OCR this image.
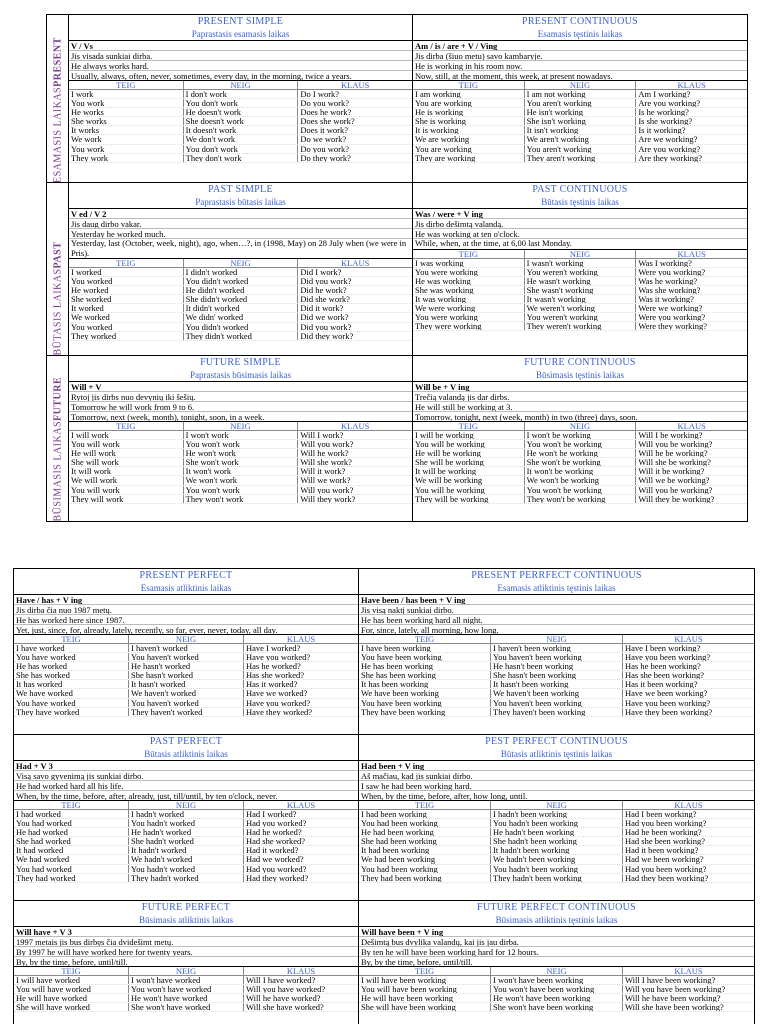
ESAMASIS LAIKASPRESENT
BŪTASIS LAIKASPAST
BŪSIMASIS LAIKASFUTURE
PRESENT SIMPLE
Paprastasis esamasis laikas
V / Vs
Jis visada sunkiai dirba.
He always works hard.
Usually, always, often, never, sometimes, every day, in the morning, twice a years.
TEIG	NEIG	KLAUS
I work	I don't work	Do I work?
You work	You don't work	Do you work?
He works	He doesn't work	Does he work?
She works	She doesn't work	Does she work?
It works	It doesn't work	Does it work?
We work	We don't work	Do we work?
You work	You don't work	Do you work?
They work	They don't work	Do they work?
PRESENT CONTINUOUS
Esamasis tęstinis laikas
Am / is / are + V / Ving
Jis dirba (šiuo metu) savo kambaryje.
He is working in his room now.
Now, still, at the moment, this week, at present nowadays.
TEIG	NEIG	KLAUS
I am working	I am not working	Am I working?
You are working	You aren't working	Are you working?
He is working	He isn't working	Is he working?
She is working	She isn't working	Is she working?
It is working	It isn't working	Is it working?
We are working	We aren't working	Are we working?
You are working	You aren't working	Are you working?
They are working	They aren't working	Are they working?
PAST SIMPLE
Paprastasis būtasis laikas
V ed / V 2
Jis daug dirbo vakar.
Yesterday he worked much.
Yesterday, last (October, week, night), ago, when…?, in (1998, May) on 28 July when (we were in Pris).
TEIG	NEIG	KLAUS
I worked	I didn't worked	Did I work?
You worked	You didn't worked	Did you work?
He worked	He didn't worked	Did he work?
She worked	She didn't worked	Did she work?
It worked	It didn't worked	Did it work?
We worked	We didn' worked	Did we work?
You worked	You didn't worked	Did you work?
They worked	They didn't worked	Did they work?
PAST CONTINUOUS
Būtasis tęstinis laikas
Was / were + V ing
Jis dirbo dešimtą valandą.
He was working at ten o'clock.
While, when, at the time, at 6,00 last Monday.
TEIG	NEIG	KLAUS
I was working	I wasn't working	Was I working?
You were working	You weren't working	Were you working?
He was working	He wasn't working	Was he working?
She was working	She wasn't working	Was she working?
It was working	It wasn't working	Was it working?
We were working	We weren't working	Were we working?
You were working	You weren't working	Were you working?
They were working	They weren't working	Were they working?
FUTURE SIMPLE
Paprastasis būsimasis laikas
Will + V
Rytoj jis dirbs nuo devynių iki šešių.
Tomorrow he will work from 9 to 6.
Tomorrow, next (week, month), tonight, soon, in a week.
TEIG	NEIG	KLAUS
I will work	I won't work	Will I work?
You will work	You won't work	Will you work?
He will work	He won't work	Will he work?
She will work	She won't work	Will she work?
It will work	It won't work	Will it work?
We will work	We won't work	Will we work?
You will work	You won't work	Will you work?
They will work	They won't work	Will they work?
FUTURE CONTINUOUS
Būsimasis tęstinis laikas
Will be + V ing
Trečią valandą jis dar dirbs.
He will still be working at 3.
Tomorrow, tonight, next (week, month) in two (three) days, soon.
TEIG	NEIG	KLAUS
I will be working	I won't be working	Will I be working?
You will be working	You won't be working	Will you be working?
He will be working	He won't be working	Will he be working?
She will be working	She won't be working	Will she be working?
It will be working	It won't be working	Will it be working?
We will be working	We won't be working	Will we be working?
You will be working	You won't be working	Will you be working?
They will be working	They won't be working	Will they be working?
PRESENT PERFECT
Esamasis atliktinis laikas
Have / has + V ing
Jis dirba čia nuo 1987 metų.
He has worked here since 1987.
Yet, just, since, for, already, lately, recently, so far, ever, never, today, all day.
TEIG	NEIG	KLAUS
I have worked	I haven't worked	Have I worked?
You have worked	You haven't worked	Have you worked?
He has worked	He hasn't worked	Has he worked?
She has worked	She hasn't worked	Has she worked?
It has worked	It hasn't worked	Has it worked?
We have worked	We haven't worked	Have we worked?
You have worked	You haven't worked	Have you worked?
They have worked	They haven't worked	Have they worked?
PRESENT PERRFECT CONTINUOUS
Esamasis atliktinis tęstinis laikas
Have been / has been + V ing
Jis visą naktį sunkiai dirbo.
He has been working hard all night.
For, since, lately, all morning, how long.
TEIG	NEIG	KLAUS
I have been working	I haven't been working	Have I been working?
You have been working	You haven't been working	Have you been working?
He has been working	He hasn't been working	Has he been working?
She has been working	She hasn't been working	Has she been working?
It has been working	It hasn't been working	Has it been working?
We have been working	We haven't been working	Have we been working?
You have been working	You haven't been working	Have you been working?
They have been working	They haven't been working	Have they been working?
PAST PERFECT
Būtasis atliktinis laikas
Had + V 3
Visą savo gyvenimą jis sunkiai dirbo.
He had worked hard all his life.
When, by the time, before, after, already, just, till/until, by ten o'clock, never.
TEIG	NEIG	KLAUS
I had worked	I hadn't worked	Had I worked?
You had worked	You hadn't worked	Had you worked?
He had worked	He hadn't worked	Had he worked?
She had worked	She hadn't worked	Had she worked?
It had worked	It hadn't worked	Had it worked?
We had worked	We hadn't worked	Had we worked?
You had worked	You hadn't worked	Had you worked?
They had worked	They hadn't worked	Had they worked?
PEST PERFECT CONTINUOUS
Būtasis atliktinis tęstinis laikas
Had been + V ing
Aš mačiau, kad jis sunkiai dirbo.
I saw he had been working hard.
When, by the time, before, after, how long, until.
TEIG	NEIG	KLAUS
I had been working	I hadn't been working	Had I been working?
You had been working	You hadn't been working	Had you been working?
He had been working	He hadn't been working	Had he been working?
She had been working	She hadn't been working	Had she been working?
It had been working	It hadn't been working	Had it been working?
We had been working	We hadn't been working	Had we been working?
You had been working	You hadn't been working	Had you been working?
They had been working	They hadn't been working	Had they been working?
FUTURE PERFECT
Būsimasis atliktinis laikas
Will have + V 3
1997 metais jis bus dirbęs čia dvidešimt metų.
By 1997 he will have worked here for twenty years.
By, by the time, before, until/till.
TEIG	NEIG	KLAUS
I will have worked	I won't have worked	Will I have worked?
You will have worked	You won't have worked	Will you have worked?
He will have worked	He won't have worked	Will he have worked?
She will have worked	She won't have worked	Will she have worked?
FUTURE PERFECT CONTINUOUS
Būsimasis atliktinis tęstinis laikas
Will have been + V ing
Dešimtą bus dvylika valandų, kai jis jau dirba.
By ten he will have been working hard for 12 hours.
By, by the time, before, until/till.
TEIG	NEIG	KLAUS
I will have been working	I won't have been working	Will I have been working?
You will have been working	You won't have been working	Will you have been working?
He will have been working	He won't have been working	Will he have been working?
She will have been working	She won't have been working	Will she have been working?
